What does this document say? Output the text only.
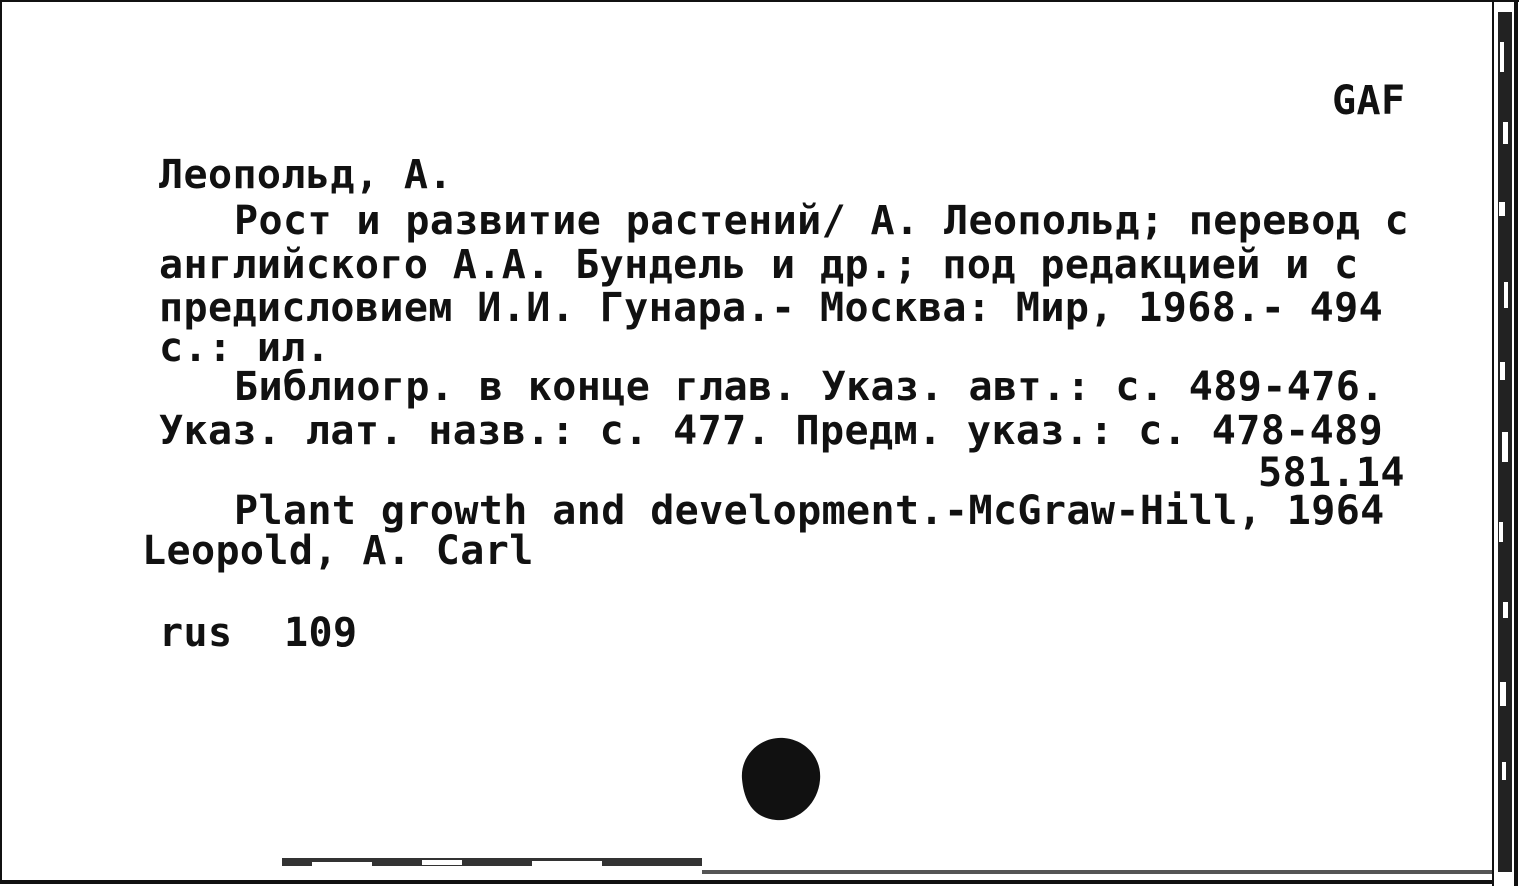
GAF
Леопольд, А.
Рост и развитие растений/ А. Леопольд; перевод с
английского А.А. Бундель и др.; под редакцией и с
предисловием И.И. Гунара.- Москва: Мир, 1968.- 494
с.: ил.
Библиогр. в конце глав. Указ. авт.: с. 489-476.
Указ. лат. назв.: с. 477. Предм. указ.: с. 478-489
581.14
Plant growth and development.-McGraw-Hill, 1964
Leopold, A. Carl
rus 109
